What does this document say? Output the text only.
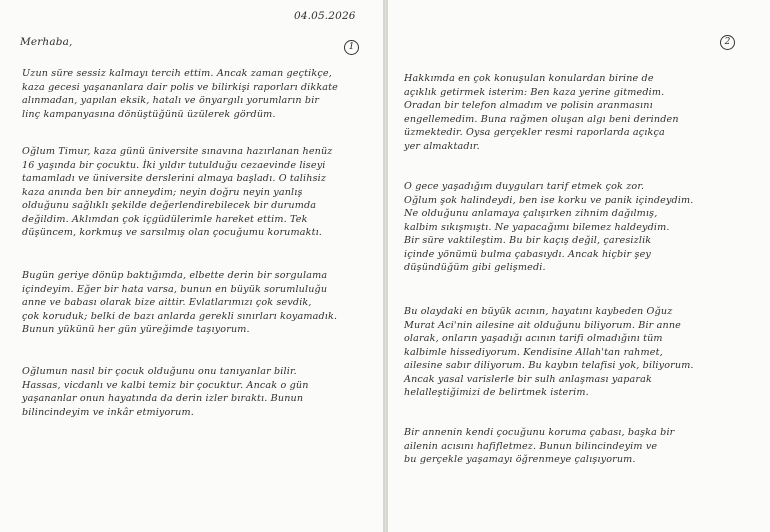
04.05.2026
1
Merhaba,
Uzun süre sessiz kalmayı tercih ettim. Ancak zaman geçtikçe,
kaza gecesi yaşananlara dair polis ve bilirkişi raporları dikkate
alınmadan, yapılan eksik, hatalı ve önyargılı yorumların bir
linç kampanyasına dönüştüğünü üzülerek gördüm.
Oğlum Timur, kaza günü üniversite sınavına hazırlanan henüz
16 yaşında bir çocuktu. İki yıldır tutulduğu cezaevinde liseyi
tamamladı ve üniversite derslerini almaya başladı. O talihsiz
kaza anında ben bir anneydim; neyin doğru neyin yanlış
olduğunu sağlıklı şekilde değerlendirebilecek bir durumda
değildim. Aklımdan çok içgüdülerimle hareket ettim. Tek
düşüncem, korkmuş ve sarsılmış olan çocuğumu korumaktı.
Bugün geriye dönüp baktığımda, elbette derin bir sorgulama
içindeyim. Eğer bir hata varsa, bunun en büyük sorumluluğu
anne ve babası olarak bize aittir. Evlatlarımızı çok sevdik,
çok koruduk; belki de bazı anlarda gerekli sınırları koyamadık.
Bunun yükünü her gün yüreğimde taşıyorum.
Oğlumun nasıl bir çocuk olduğunu onu tanıyanlar bilir.
Hassas, vicdanlı ve kalbi temiz bir çocuktur. Ancak o gün
yaşananlar onun hayatında da derin izler bıraktı. Bunun
bilincindeyim ve inkâr etmiyorum.
2
Hakkımda en çok konuşulan konulardan birine de
açıklık getirmek isterim: Ben kaza yerine gitmedim.
Oradan bir telefon almadım ve polisin aranmasını
engellemedim. Buna rağmen oluşan algı beni derinden
üzmektedir. Oysa gerçekler resmi raporlarda açıkça
yer almaktadır.
O gece yaşadığım duyguları tarif etmek çok zor.
Oğlum şok halindeydi, ben ise korku ve panik içindeydim.
Ne olduğunu anlamaya çalışırken zihnim dağılmış,
kalbim sıkışmıştı. Ne yapacağımı bilemez haldeydim.
Bir süre vaktileştim. Bu bir kaçış değil, çaresizlik
içinde yönümü bulma çabasıydı. Ancak hiçbir şey
düşündüğüm gibi gelişmedi.
Bu olaydaki en büyük acının, hayatını kaybeden Oğuz
Murat Aci'nin ailesine ait olduğunu biliyorum. Bir anne
olarak, onların yaşadığı acının tarifi olmadığını tüm
kalbimle hissediyorum. Kendisine Allah'tan rahmet,
ailesine sabır diliyorum. Bu kaybın telafisi yok, biliyorum.
Ancak yasal varislerle bir sulh anlaşması yaparak
helalleştiğimizi de belirtmek isterim.
Bir annenin kendi çocuğunu koruma çabası, başka bir
ailenin acısını hafifletmez. Bunun bilincindeyim ve
bu gerçekle yaşamayı öğrenmeye çalışıyorum.
